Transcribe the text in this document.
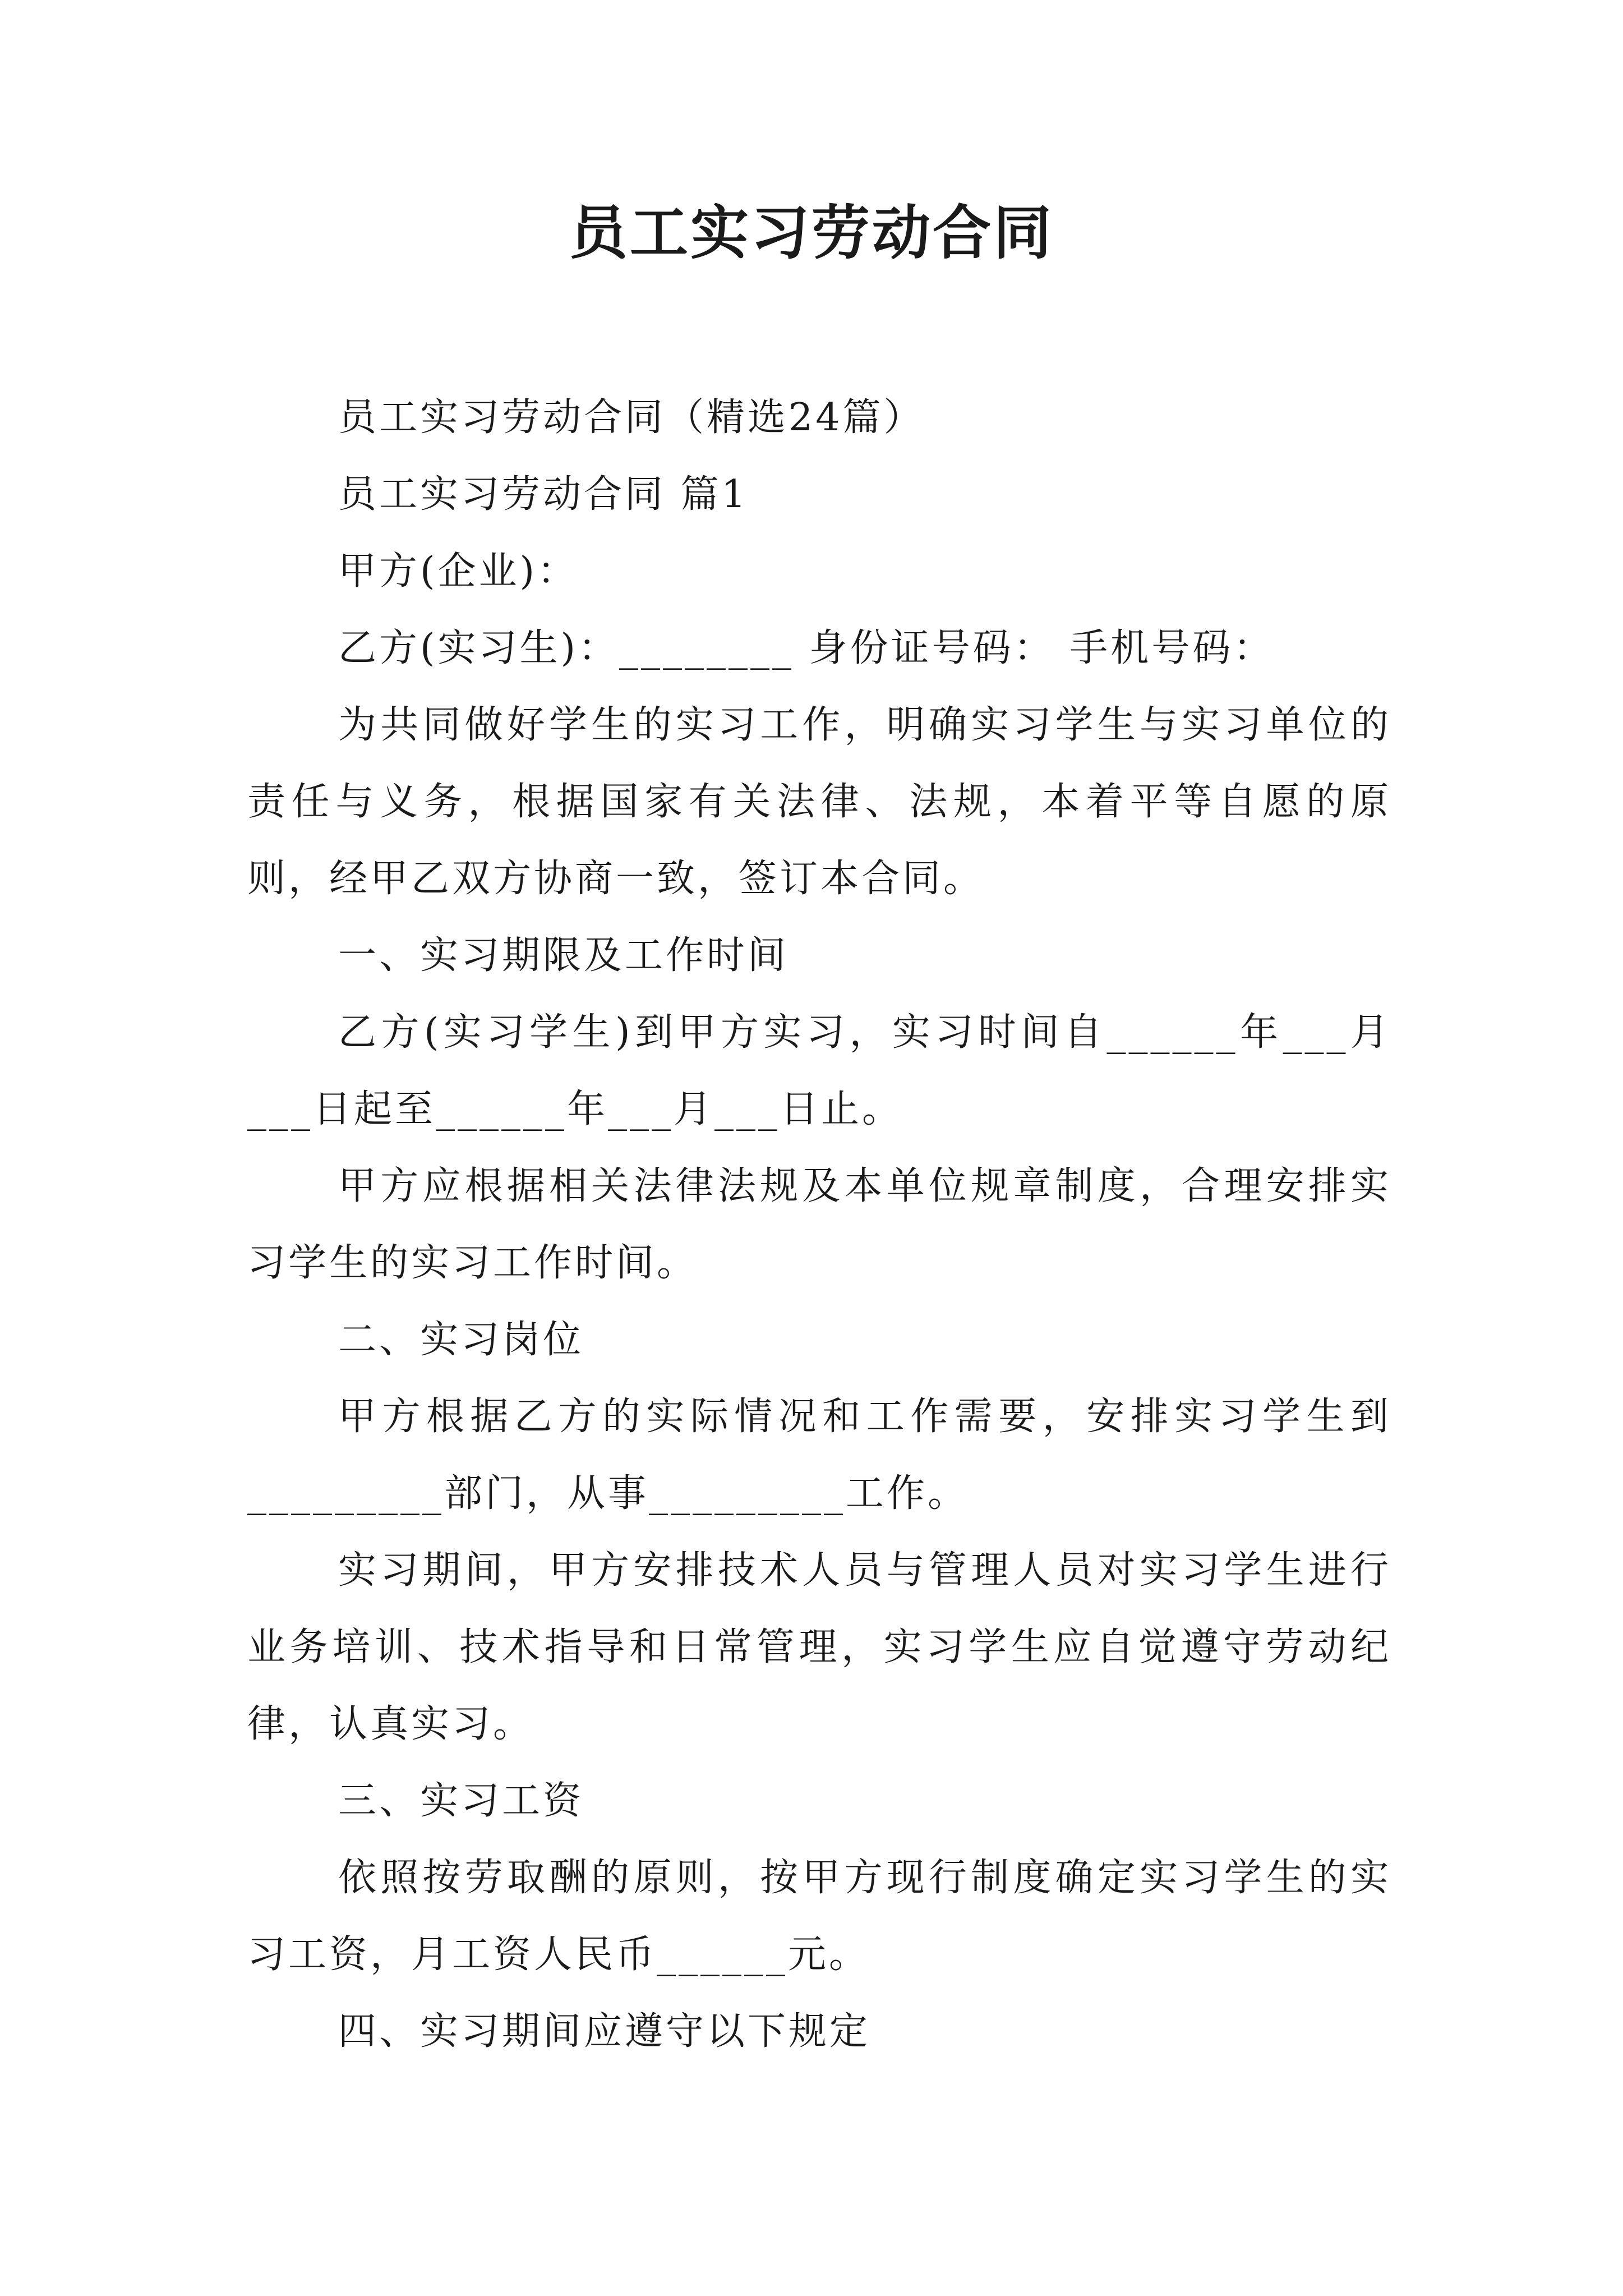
员工实习劳动合同

员工实习劳动合同（精选24篇）

员工实习劳动合同 篇1

甲方(企业)：

乙方(实习生)：________ 身份证号码： 手机号码：

为共同做好学生的实习工作，明确实习学生与实习单位的责任与义务，根据国家有关法律、法规，本着平等自愿的原则，经甲乙双方协商一致，签订本合同。

一、实习期限及工作时间

乙方(实习学生)到甲方实习，实习时间自______年___月___日起至______年___月___日止。

甲方应根据相关法律法规及本单位规章制度，合理安排实习学生的实习工作时间。

二、实习岗位

甲方根据乙方的实际情况和工作需要，安排实习学生到_________部门，从事_________工作。

实习期间，甲方安排技术人员与管理人员对实习学生进行业务培训、技术指导和日常管理，实习学生应自觉遵守劳动纪律，认真实习。

三、实习工资

依照按劳取酬的原则，按甲方现行制度确定实习学生的实习工资，月工资人民币______元。

四、实习期间应遵守以下规定
